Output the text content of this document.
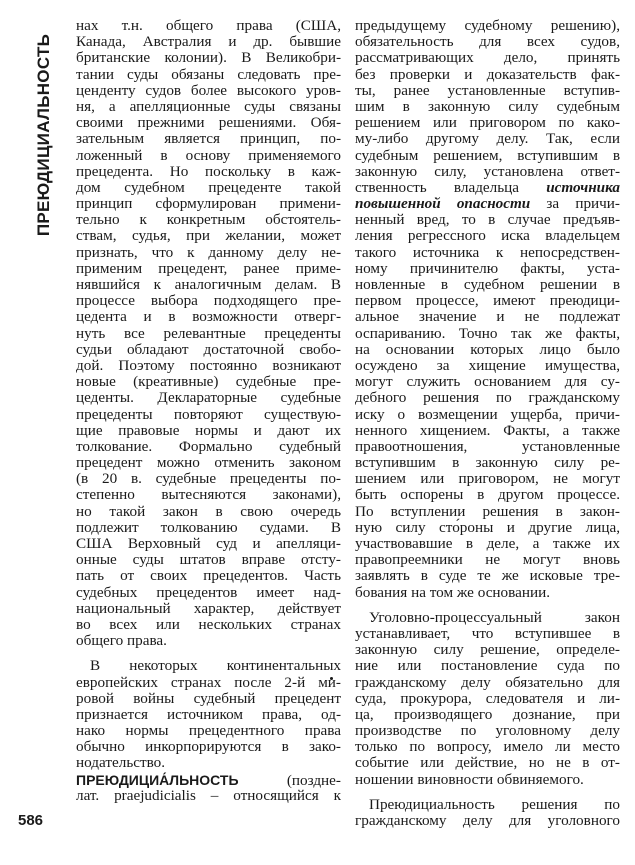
ПРЕЮДИЦИАЛЬНОСТЬ
586
нах т.н. общего права (США,
Канада, Австралия и др. бывшие
британские колонии). В Великобри-
тании суды обязаны следовать пре-
ценденту судов более высокого уров-
ня, а апелляционные суды связаны
своими прежними решениями. Обя-
зательным является принцип, по-
ложенный в основу применяемого
прецедента. Но поскольку в каж-
дом судебном прецеденте такой
принцип сформулирован примени-
тельно к конкретным обстоятель-
ствам, судья, при желании, может
признать, что к данному делу не-
применим прецедент, ранее приме-
нявшийся к аналогичным делам. В
процессе выбора подходящего пре-
цедента и в возможности отверг-
нуть все релевантные прецеденты
судьи обладают достаточной свобо-
дой. Поэтому постоянно возникают
новые (креативные) судебные пре-
цеденты. Деклараторные судебные
прецеденты повторяют существую-
щие правовые нормы и дают их
толкование. Формально судебный
прецедент можно отменить законом
(в 20 в. судебные прецеденты по-
степенно вытесняются законами),
но такой закон в свою очередь
подлежит толкованию судами. В
США Верховный суд и апелляци-
онные суды штатов вправе отсту-
пать от своих прецедентов. Часть
судебных прецедентов имеет над-
национальный характер, действует
во всех или нескольких странах
общего права.
В некоторых континентальных
европейских странах после 2-й ми-
ровой войны судебный прецедент
признается источником права, од-
нако нормы прецедентного права
обычно инкорпорируются в зако-
нодательство.
ПРЕЮДИЦИА́ЛЬНОСТЬ (поздне-
лат. praejudicialis – относящийся к
предыдущему судебному решению),
обязательность для всех судов,
рассматривающих дело, принять
без проверки и доказательств фак-
ты, ранее установленные вступив-
шим в законную силу судебным
решением или приговором по како-
му-либо другому делу. Так, если
судебным решением, вступившим в
законную силу, установлена ответ-
ственность владельца источника
повышенной опасности за причи-
ненный вред, то в случае предъяв-
ления регрессного иска владельцем
такого источника к непосредствен-
ному причинителю факты, уста-
новленные в судебном решении в
первом процессе, имеют преюдици-
альное значение и не подлежат
оспариванию. Точно так же факты,
на основании которых лицо было
осуждено за хищение имущества,
могут служить основанием для су-
дебного решения по гражданскому
иску о возмещении ущерба, причи-
ненного хищением. Факты, а также
правоотношения, установленные
вступившим в законную силу ре-
шением или приговором, не могут
быть оспорены в другом процессе.
По вступлении решения в закон-
ную силу сто́роны и другие лица,
участвовавшие в деле, а также их
правопреемники не могут вновь
заявлять в суде те же исковые тре-
бования на том же основании.
Уголовно-процессуальный закон
устанавливает, что вступившее в
законную силу решение, определе-
ние или постановление суда по
гражданскому делу обязательно для
суда, прокурора, следователя и ли-
ца, производящего дознание, при
производстве по уголовному делу
только по вопросу, имело ли место
событие или действие, но не в от-
ношении виновности обвиняемого.
Преюдициальность решения по
гражданскому делу для уголовного
